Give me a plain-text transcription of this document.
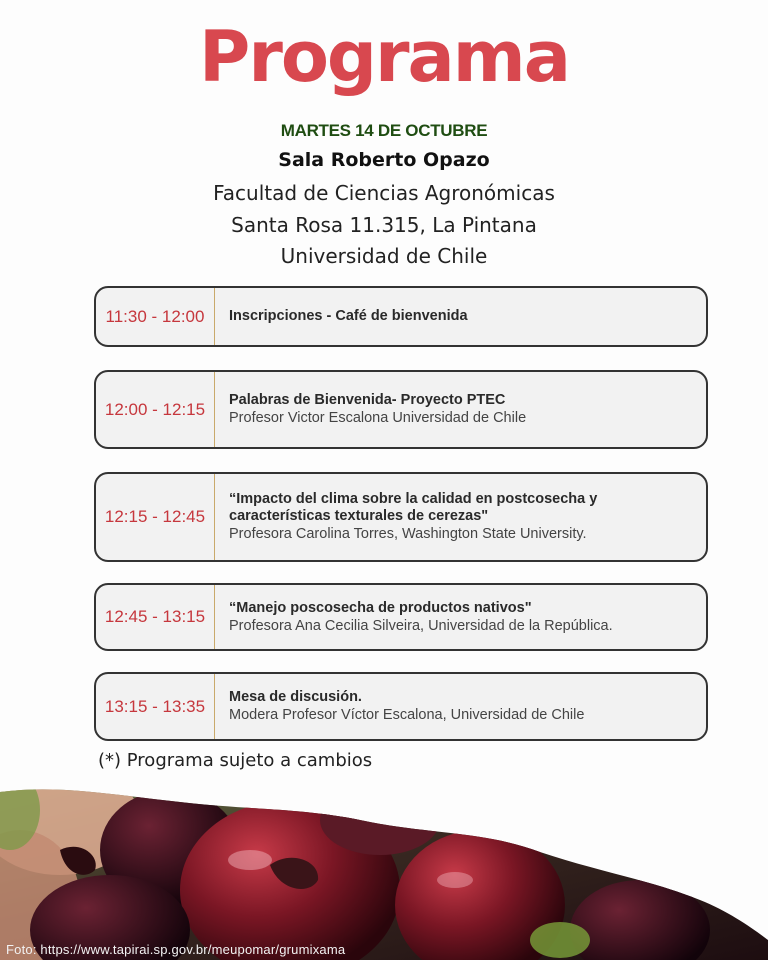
Programa
MARTES 14 DE OCTUBRE
Sala Roberto Opazo
Facultad de Ciencias Agronómicas
Santa Rosa 11.315, La Pintana
Universidad de Chile
11:30 - 12:00	Inscripciones - Café de bienvenida
12:00 - 12:15	Palabras de Bienvenida- Proyecto PTEC
Profesor Victor Escalona Universidad de Chile
12:15 - 12:45
“Impacto del clima sobre la calidad en postcosecha y
características texturales de cerezas"
Profesora Carolina Torres, Washington State University.
12:45 - 13:15	“Manejo poscosecha de productos nativos"
Profesora Ana Cecilia Silveira, Universidad de la República.
13:15 - 13:35	Mesa de discusión.
Modera Profesor Víctor Escalona, Universidad de Chile
(*) Programa sujeto a cambios
Foto: https://www.tapirai.sp.gov.br/meupomar/grumixama
